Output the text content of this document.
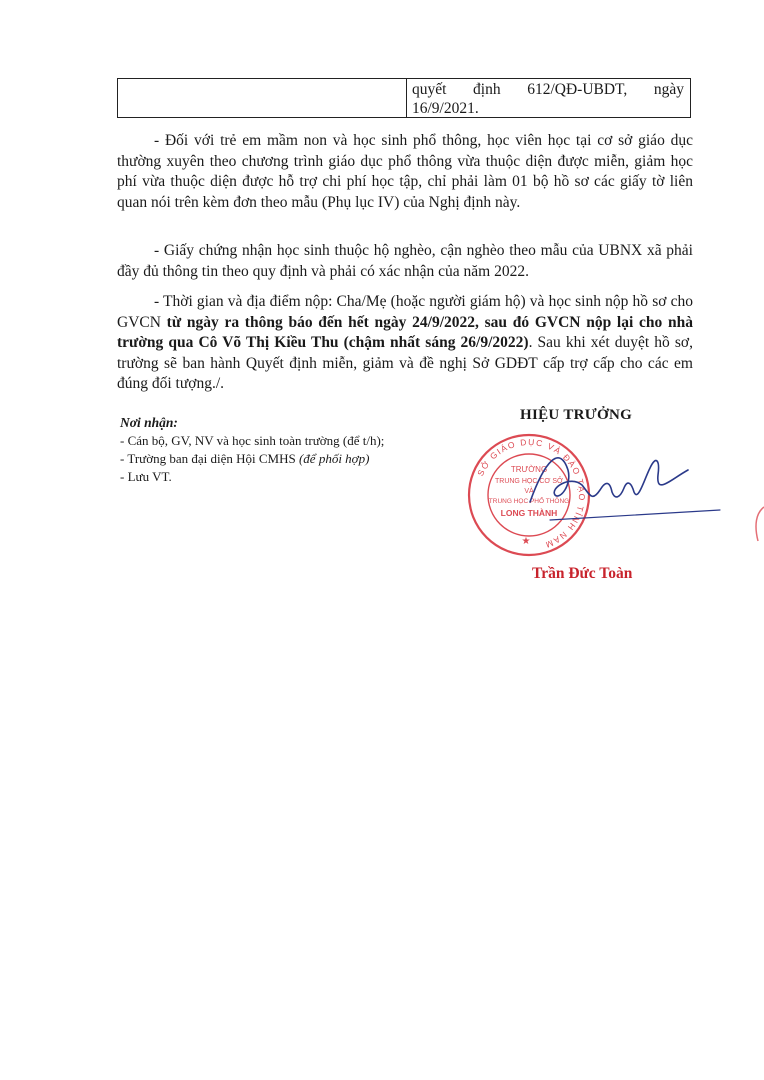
quyết định 612/QĐ-UBDT, ngày
16/9/2021.

- Đối với trẻ em mầm non và học sinh phổ thông, học viên học tại cơ sở giáo dục thường xuyên theo chương trình giáo dục phổ thông vừa thuộc diện được miễn, giảm học phí vừa thuộc diện được hỗ trợ chi phí học tập, chỉ phải làm 01 bộ hồ sơ các giấy tờ liên quan nói trên kèm đơn theo mẫu (Phụ lục IV) của Nghị định này.

- Giấy chứng nhận học sinh thuộc hộ nghèo, cận nghèo theo mẫu của UBNX xã phải đầy đủ thông tin theo quy định và phải có xác nhận của năm 2022.

- Thời gian và địa điểm nộp: Cha/Mẹ (hoặc người giám hộ) và học sinh nộp hồ sơ cho GVCN từ ngày ra thông báo đến hết ngày 24/9/2022, sau đó GVCN nộp lại cho nhà trường qua Cô Võ Thị Kiều Thu (chậm nhất sáng 26/9/2022). Sau khi xét duyệt hồ sơ, trường sẽ ban hành Quyết định miễn, giảm và đề nghị Sở GDĐT cấp trợ cấp cho các em đúng đối tượng./.

Nơi nhận:
- Cán bộ, GV, NV và học sinh toàn trường (để t/h);
- Trường ban đại diện Hội CMHS (để phối hợp)
- Lưu VT.
HIỆU TRƯỞNG
SỞ GIÁO DỤC VÀ ĐÀO TẠO TỈNH NAM
TRƯỜNG
TRUNG HỌC CƠ SỞ
VÀ
TRUNG HỌC PHỔ THÔNG
LONG THÀNH
★
Trần Đức Toàn
